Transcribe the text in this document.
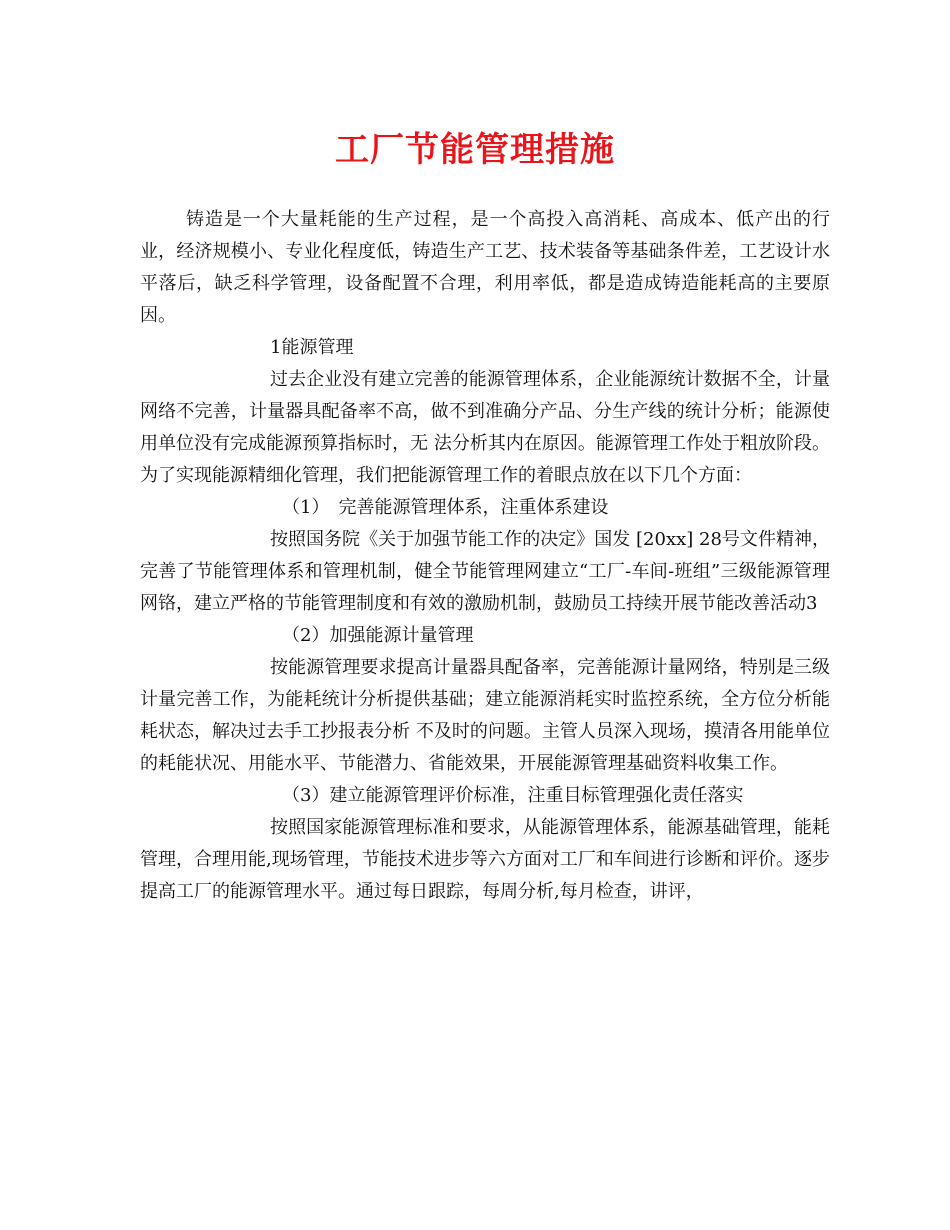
工厂节能管理措施

铸造是一个大量耗能的生产过程，是一个高投入高消耗、高成本、低产出的行业，经济规模小、专业化程度低，铸造生产工艺、技术装备等基础条件差，工艺设计水平落后，缺乏科学管理，设备配置不合理，利用率低，都是造成铸造能耗高的主要原因。

1能源管理

过去企业没有建立完善的能源管理体系，企业能源统计数据不全，计量网络不完善，计量器具配备率不高，做不到准确分产品、分生产线的统计分析；能源使用单位没有完成能源预算指标时，无 法分析其内在原因。能源管理工作处于粗放阶段。为了实现能源精细化管理，我们把能源管理工作的着眼点放在以下几个方面：

（1）　完善能源管理体系，注重体系建设

按照国务院《关于加强节能工作的决定》国发 [20xx] 28号文件精神，完善了节能管理体系和管理机制，健全节能管理网建立“工厂-车间-班组”三级能源管理网铬，建立严格的节能管理制度和有效的激励机制，鼓励员工持续开展节能改善活动3

（2）加强能源计量管理

按能源管理要求提高计量器具配备率，完善能源计量网络，特别是三级计量完善工作，为能耗统计分析提供基础；建立能源消耗实时监控系统，全方位分析能耗状态，解决过去手工抄报表分析 不及时的问题。主管人员深入现场，摸清各用能单位的耗能状况、用能水平、节能潜力、省能效果，开展能源管理基础资料收集工作。

（3）建立能源管理评价标准，注重目标管理强化责任落实

按照国家能源管理标准和要求，从能源管理体系，能源基础管理，能耗管理，合理用能,现场管理，节能技术进步等六方面对工厂和车间进行诊断和评价。逐步提高工厂的能源管理水平。通过每日跟踪，每周分析,每月检查，讲评，
